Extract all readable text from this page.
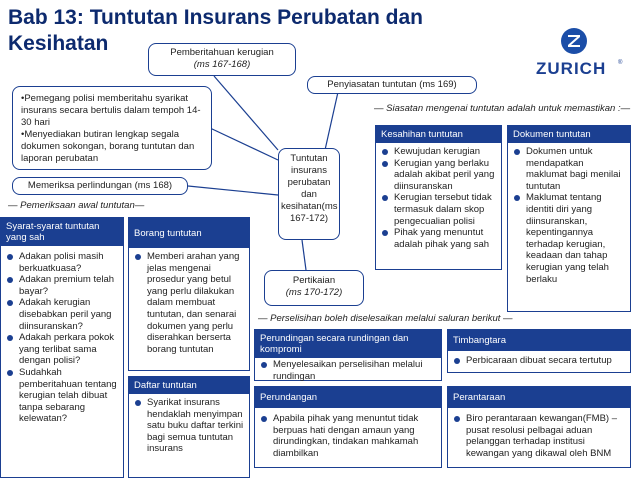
Bab 13: Tuntutan Insurans Perubatan dan Kesihatan
ZURICH	®
Pemberitahuan kerugian
(ms 167-168)
Penyiasatan tuntutan (ms 169)
•Pemegang polisi memberitahu syarikat insurans secara bertulis dalam tempoh 14-30 hari
•Menyediakan butiran lengkap segala dokumen sokongan, borang tuntutan dan laporan perubatan
— Siasatan mengenai tuntutan adalah untuk memastikan :—
Memeriksa perlindungan (ms 168)
Tuntutan insurans perubatan dan kesihatan(ms 167-172)
— Pemeriksaan awal tuntutan—
Pertikaian
(ms 170-172)
— Perselisihan boleh diselesaikan melalui saluran berikut —
Kesahihan tuntutan
Kewujudan kerugian
Kerugian yang berlaku adalah akibat peril yang diinsuranskan
Kerugian tersebut tidak termasuk dalam skop pengecualian polisi
Pihak yang menuntut adalah pihak yang sah
Dokumen tuntutan
Dokumen untuk mendapatkan maklumat bagi menilai tuntutan
Maklumat tentang identiti diri yang diinsuranskan, kepentingannya terhadap kerugian, keadaan dan tahap kerugian yang telah berlaku
Syarat-syarat tuntutan yang sah
Adakan polisi masih berkuatkuasa?
Adakan premium telah bayar?
Adakah kerugian disebabkan peril yang diinsuranskan?
Adakah perkara pokok yang terlibat sama dengan polisi?
Sudahkah pemberitahuan tentang kerugian telah dibuat tanpa sebarang kelewatan?
Borang tuntutan
Memberi arahan yang jelas mengenai prosedur yang betul yang perlu dilakukan dalam membuat tuntutan, dan senarai dokumen yang perlu diserahkan berserta borang tuntutan
Daftar tuntutan
Syarikat insurans hendaklah menyimpan satu buku daftar terkini bagi semua tuntutan insurans
Perundingan secara rundingan dan kompromi
Menyelesaikan perselisihan melalui rundingan
Timbangtara
Perbicaraan dibuat secara tertutup
Perundangan
Apabila pihak yang menuntut tidak berpuas hati dengan amaun yang dirundingkan, tindakan mahkamah diambilkan
Perantaraan
Biro perantaraan kewangan(FMB) – pusat resolusi pelbagai aduan pelanggan terhadap institusi kewangan yang dikawal oleh BNM
